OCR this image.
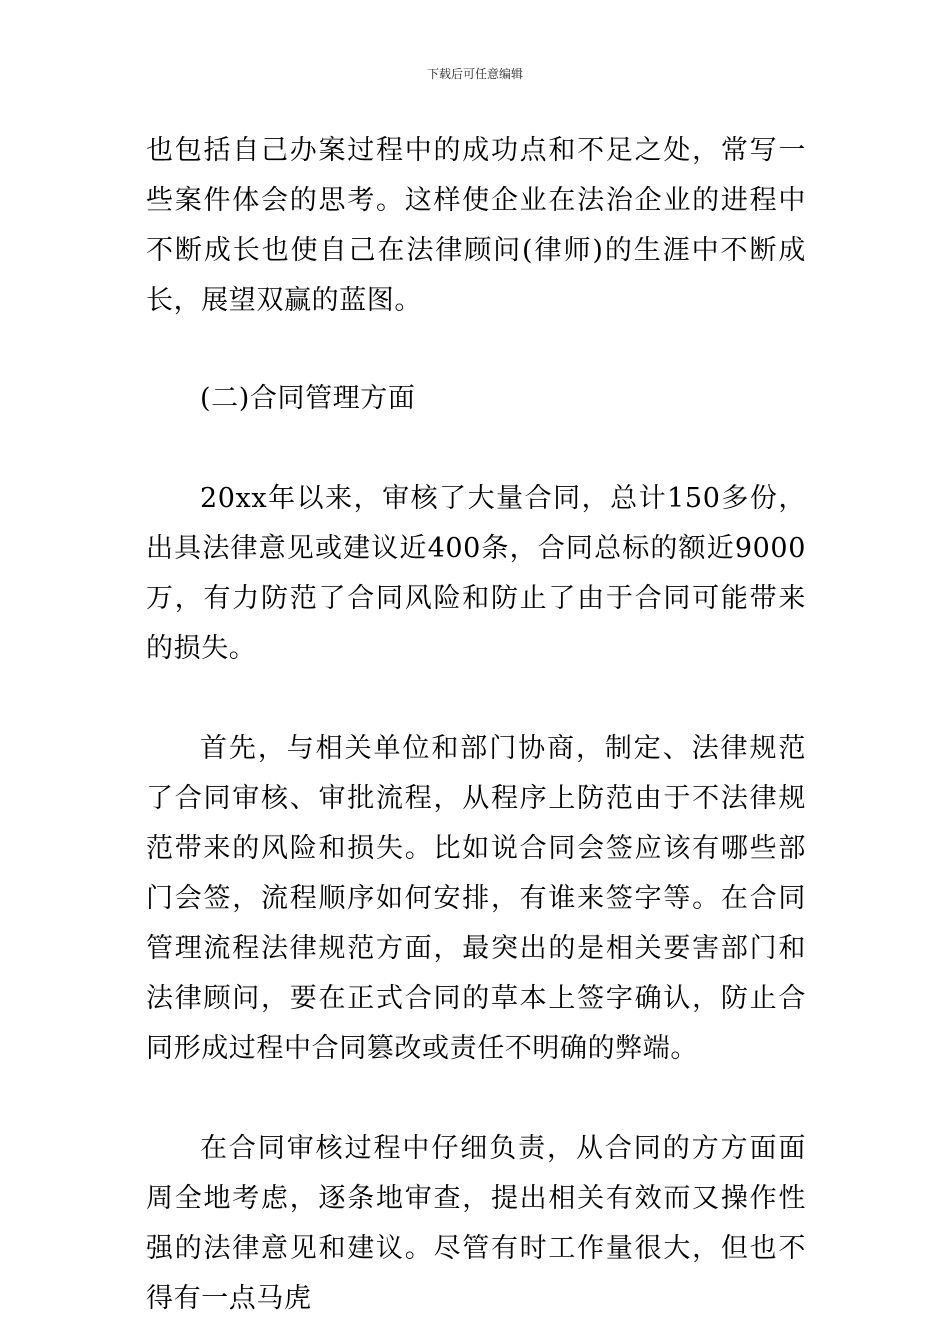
下载后可任意编辑

也包括自己办案过程中的成功点和不足之处，常写一些案件体会的思考。这样使企业在法治企业的进程中不断成长也使自己在法律顾问(律师)的生涯中不断成长，展望双赢的蓝图。

(二)合同管理方面

20xx年以来，审核了大量合同，总计150多份，出具法律意见或建议近400条，合同总标的额近9000万，有力防范了合同风险和防止了由于合同可能带来的损失。

首先，与相关单位和部门协商，制定、法律规范了合同审核、审批流程，从程序上防范由于不法律规范带来的风险和损失。比如说合同会签应该有哪些部门会签，流程顺序如何安排，有谁来签字等。在合同管理流程法律规范方面，最突出的是相关要害部门和法律顾问，要在正式合同的草本上签字确认，防止合同形成过程中合同篡改或责任不明确的弊端。

在合同审核过程中仔细负责，从合同的方方面面周全地考虑，逐条地审查，提出相关有效而又操作性强的法律意见和建议。尽管有时工作量很大，但也不得有一点马虎
